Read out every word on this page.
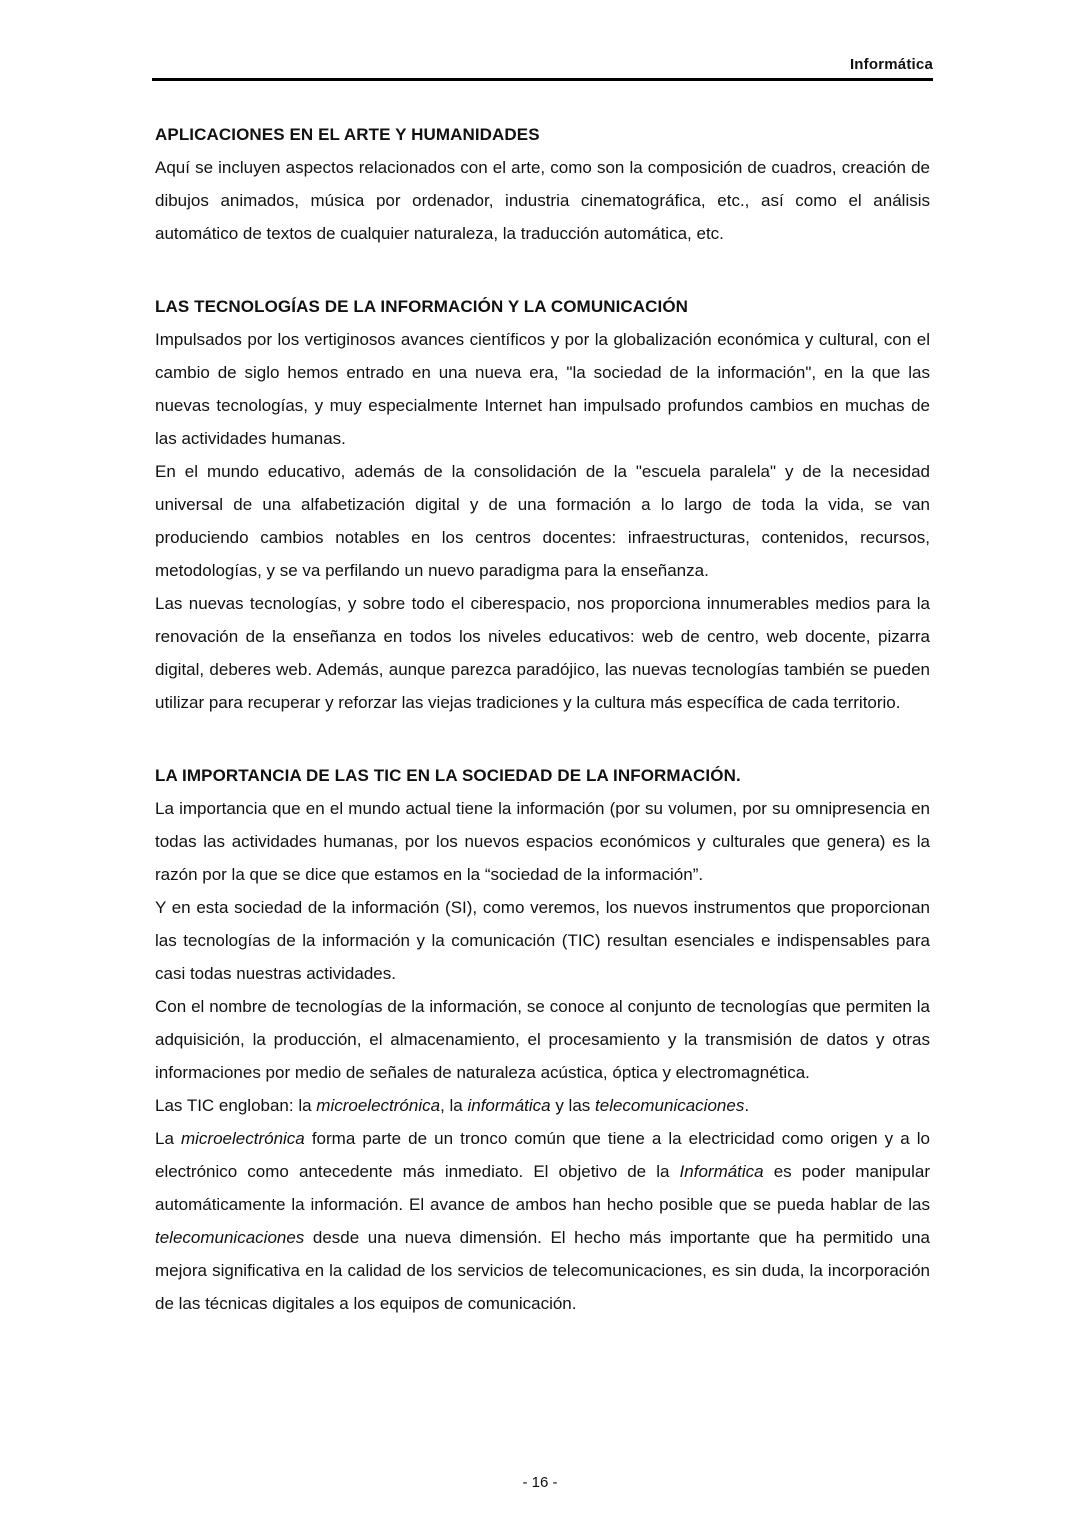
Informática
APLICACIONES EN EL ARTE Y HUMANIDADES

Aquí se incluyen aspectos relacionados con el arte, como son la composición de cuadros, creación de dibujos animados, música por ordenador, industria cinematográfica, etc., así como el análisis automático de textos de cualquier naturaleza, la traducción automática, etc.

LAS TECNOLOGÍAS DE LA INFORMACIÓN Y LA COMUNICACIÓN

Impulsados por los vertiginosos avances científicos y por la globalización económica y cultural, con el cambio de siglo hemos entrado en una nueva era, "la sociedad de la información", en la que las nuevas tecnologías, y muy especialmente Internet han impulsado profundos cambios en muchas de las actividades humanas.

En el mundo educativo, además de la consolidación de la "escuela paralela" y de la necesidad universal de una alfabetización digital y de una formación a lo largo de toda la vida, se van produciendo cambios notables en los centros docentes: infraestructuras, contenidos, recursos, metodologías, y se va perfilando un nuevo paradigma para la enseñanza.

Las nuevas tecnologías, y sobre todo el ciberespacio, nos proporciona innumerables medios para la renovación de la enseñanza en todos los niveles educativos: web de centro, web docente, pizarra digital, deberes web. Además, aunque parezca paradójico, las nuevas tecnologías también se pueden utilizar para recuperar y reforzar las viejas tradiciones y la cultura más específica de cada territorio.

LA IMPORTANCIA DE LAS TIC EN LA SOCIEDAD DE LA INFORMACIÓN.

La importancia que en el mundo actual tiene la información (por su volumen, por su omnipresencia en todas las actividades humanas, por los nuevos espacios económicos y culturales que genera) es la razón por la que se dice que estamos en la “sociedad de la información”.

Y en esta sociedad de la información (SI), como veremos, los nuevos instrumentos que proporcionan las tecnologías de la información y la comunicación (TIC) resultan esenciales e indispensables para casi todas nuestras actividades.

Con el nombre de tecnologías de la información, se conoce al conjunto de tecnologías que permiten la adquisición, la producción, el almacenamiento, el procesamiento y la transmisión de datos y otras informaciones por medio de señales de naturaleza acústica, óptica y electromagnética.

Las TIC engloban: la microelectrónica, la informática y las telecomunicaciones.

La microelectrónica forma parte de un tronco común que tiene a la electricidad como origen y a lo electrónico como antecedente más inmediato. El objetivo de la Informática es poder manipular automáticamente la información. El avance de ambos han hecho posible que se pueda hablar de las telecomunicaciones desde una nueva dimensión. El hecho más importante que ha permitido una mejora significativa en la calidad de los servicios de telecomunicaciones, es sin duda, la incorporación de las técnicas digitales a los equipos de comunicación.

- 16 -
